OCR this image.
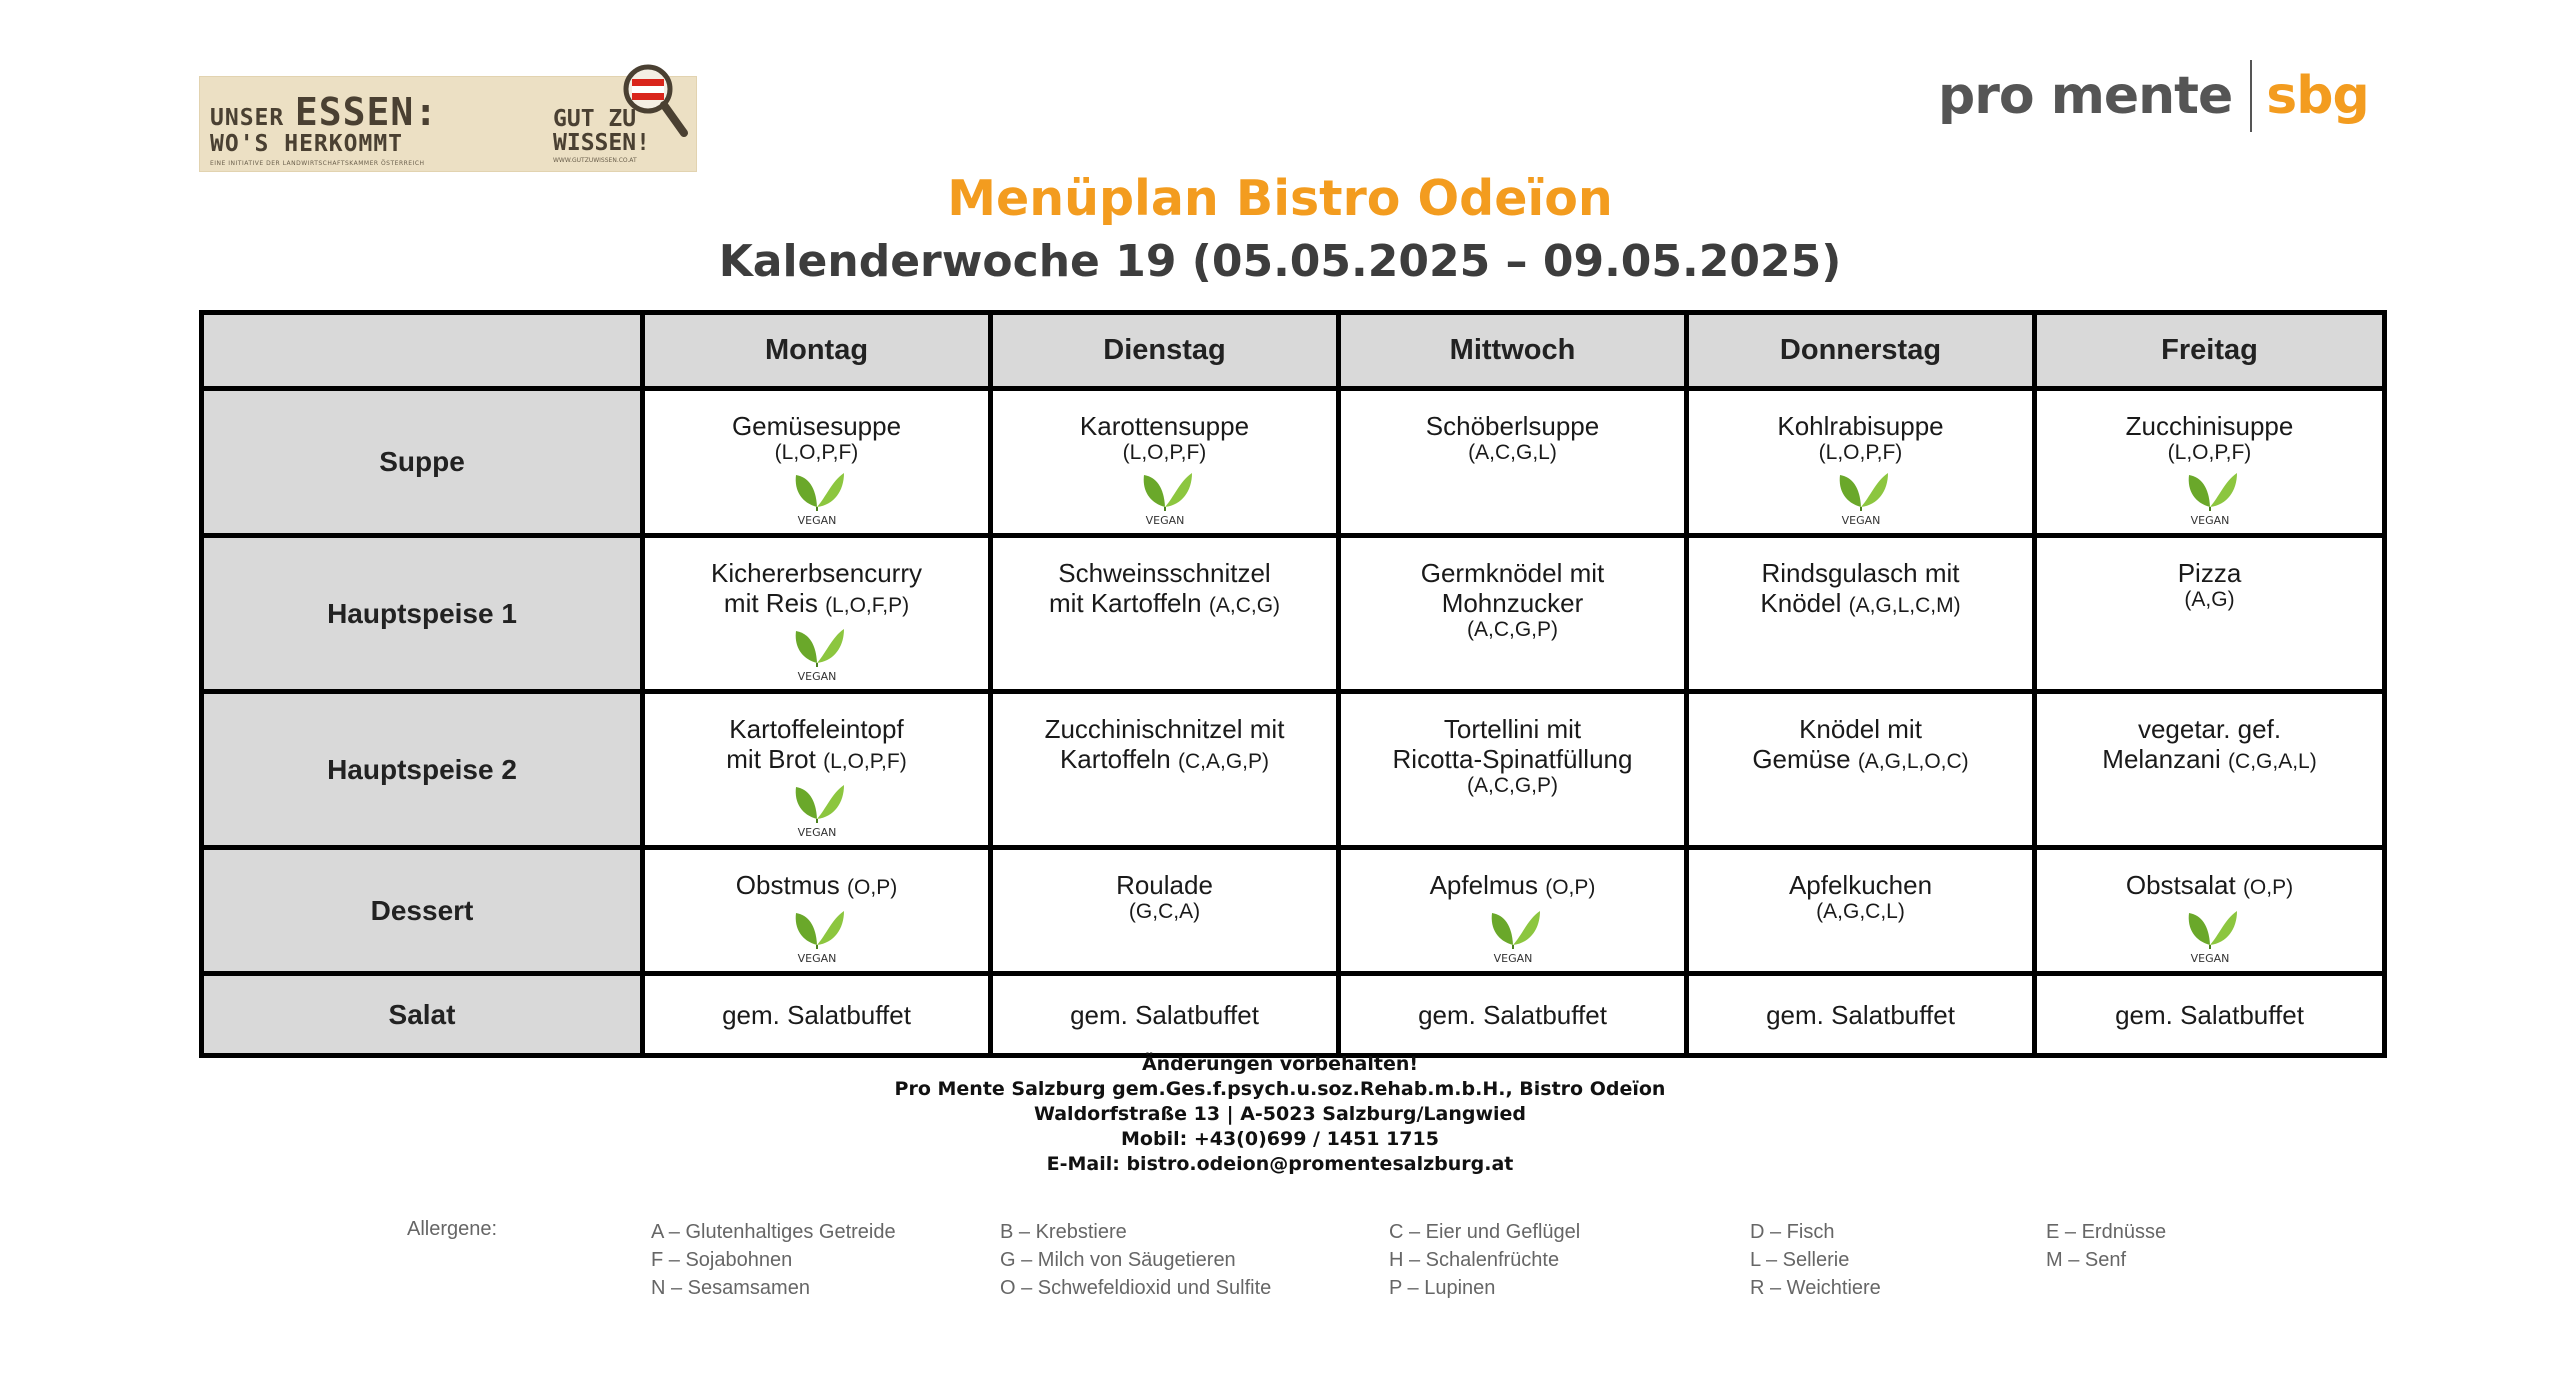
UNSER ESSEN:
WO'S HERKOMMT
EINE INITIATIVE DER LANDWIRTSCHAFTSKAMMER ÖSTERREICH
GUT ZU
WISSEN!
WWW.GUTZUWISSEN.CO.AT
pro mente sbg
Menüplan Bistro Odeïon
Kalenderwoche 19 (05.05.2025 – 09.05.2025)
	Montag	Dienstag	Mittwoch	Donnerstag	Freitag
Suppe	Gemüsesuppe
(L,O,P,F)
VEGAN	Karottensuppe
(L,O,P,F)
VEGAN	Schöberlsuppe
(A,C,G,L)	Kohlrabisuppe
(L,O,P,F)
VEGAN	Zucchinisuppe
(L,O,P,F)
VEGAN

Hauptspeise 1	Kichererbsencurry
mit Reis (L,O,F,P)
VEGAN	Schweinsschnitzel
mit Kartoffeln (A,C,G)	Germknödel mit
Mohnzucker
(A,C,G,P)	Rindsgulasch mit
Knödel (A,G,L,C,M)	Pizza
(A,G)

Hauptspeise 2	Kartoffeleintopf
mit Brot (L,O,P,F)
VEGAN	Zucchinischnitzel mit
Kartoffeln (C,A,G,P)	Tortellini mit
Ricotta-Spinatfüllung
(A,C,G,P)	Knödel mit
Gemüse (A,G,L,O,C)	vegetar. gef.
Melanzani (C,G,A,L)

Dessert	Obstmus (O,P)
VEGAN	Roulade
(G,C,A)	Apfelmus (O,P)
VEGAN	Apfelkuchen
(A,G,C,L)	Obstsalat (O,P)
VEGAN

Salat	gem. Salatbuffet	gem. Salatbuffet	gem. Salatbuffet	gem. Salatbuffet	gem. Salatbuffet
Änderungen vorbehalten!
Pro Mente Salzburg gem.Ges.f.psych.u.soz.Rehab.m.b.H., Bistro Odeïon
Waldorfstraße 13 | A-5023 Salzburg/Langwied
Mobil: +43(0)699 / 1451 1715
E-Mail: bistro.odeion@promentesalzburg.at
Allergene:	A – Glutenhaltiges Getreide
F – Sojabohnen
N – Sesamsamen
B – Krebstiere
G – Milch von Säugetieren
O – Schwefeldioxid und Sulfite
C – Eier und Geflügel
H – Schalenfrüchte
P – Lupinen
D – Fisch
L – Sellerie
R – Weichtiere
E – Erdnüsse
M – Senf
